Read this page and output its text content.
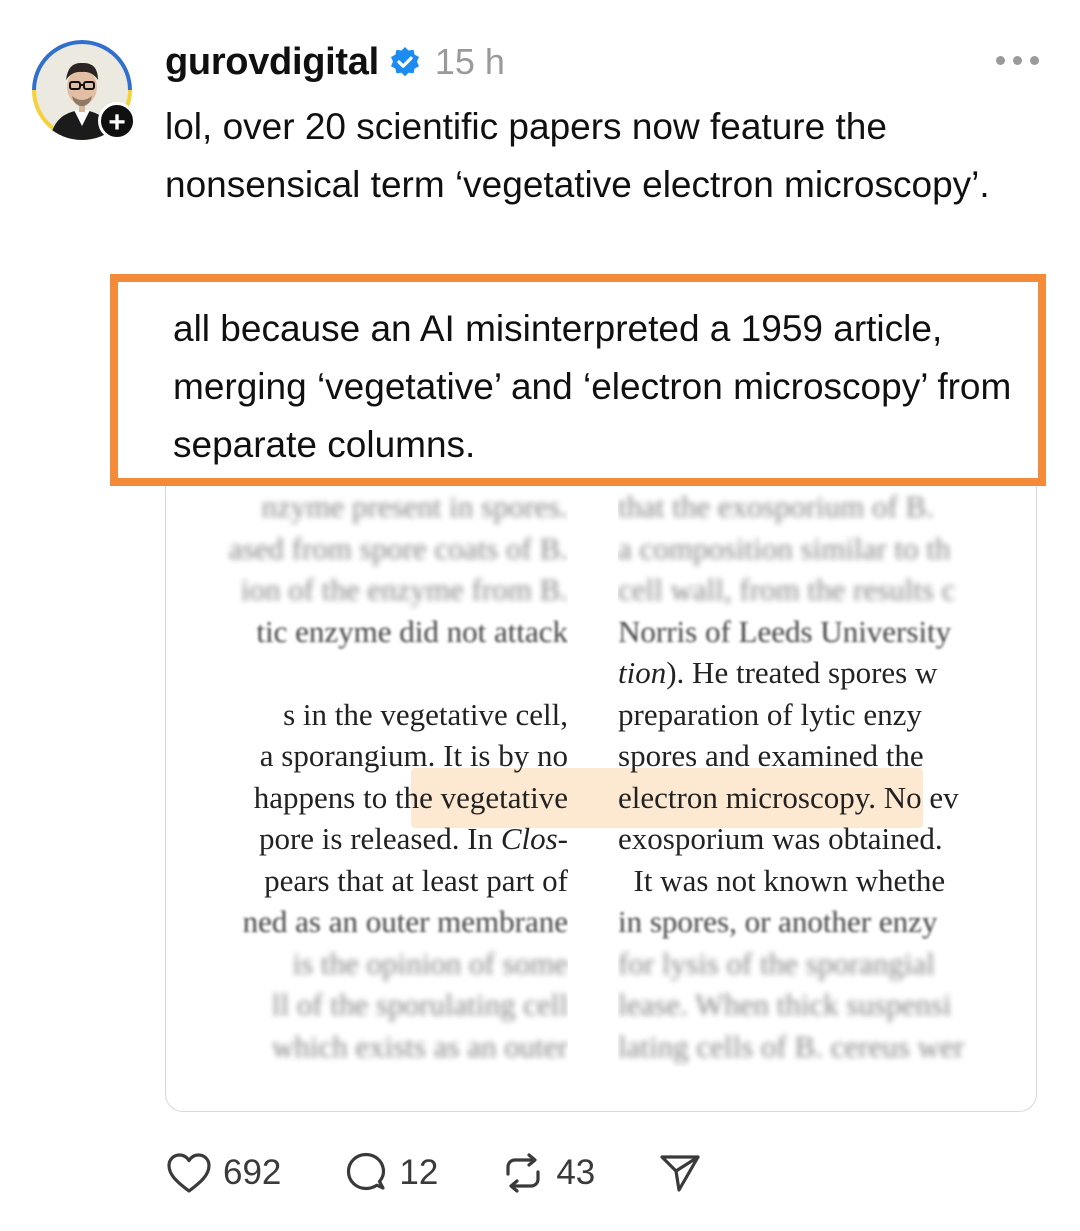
+
gurovdigital 15 h

lol, over 20 scientific papers now feature the nonsensical term ‘vegetative electron microscopy’.

all because an AI misinterpreted a 1959 article, merging ‘vegetative’ and ‘electron microscopy’ from separate columns.

nzyme present in spores.
ased from spore coats of B.
ion of the enzyme from B.
tic enzyme did not attack
s in the vegetative cell,
a sporangium. It is by no
happens to the vegetative
pore is released. In Clos-
pears that at least part of
ned as an outer membrane
is the opinion of some
ll of the sporulating cell
which exists as an outer
that the exosporium of B.
a composition similar to th
cell wall, from the results c
Norris of Leeds University
tion). He treated spores w
preparation of lytic enzy
spores and examined the
electron microscopy. No ev
exosporium was obtained.
It was not known whethe
in spores, or another enzy
for lysis of the sporangial
lease. When thick suspensi
lating cells of B. cereus wer
692	12	43
